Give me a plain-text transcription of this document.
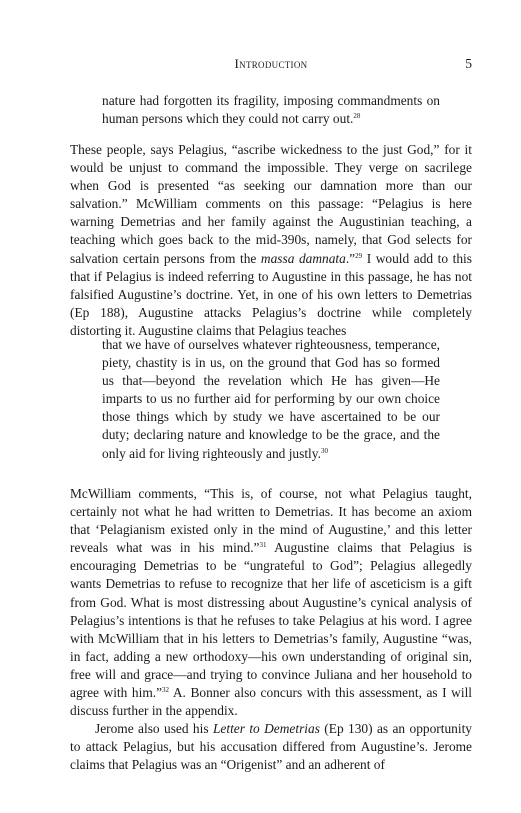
Introduction	5

nature had forgotten its fragility, imposing commandments on human persons which they could not carry out.$^{28}$

These people, says Pelagius, “ascribe wickedness to the just God,” for it would be unjust to command the impossible. They verge on sacrilege when God is presented “as seeking our damnation more than our salvation.” McWilliam comments on this passage: “Pelagius is here warning Demetrias and her family against the Augustinian teaching, a teaching which goes back to the mid-390s, namely, that God selects for salvation certain persons from the massa damnata.”$^{29}$ I would add to this that if Pelagius is indeed referring to Augustine in this passage, he has not falsified Augustine’s doctrine. Yet, in one of his own letters to Demetrias (Ep 188), Augustine attacks Pelagius’s doctrine while completely distorting it. Augustine claims that Pelagius teaches

that we have of ourselves whatever righteousness, temperance, piety, chastity is in us, on the ground that God has so formed us that—beyond the revelation which He has given—He imparts to us no further aid for performing by our own choice those things which by study we have ascertained to be our duty; declaring nature and knowledge to be the grace, and the only aid for living righteously and justly.$^{30}$

McWilliam comments, “This is, of course, not what Pelagius taught, certainly not what he had written to Demetrias. It has become an axiom that ‘Pelagianism existed only in the mind of Augustine,’ and this letter reveals what was in his mind.”$^{31}$ Augustine claims that Pelagius is encouraging Demetrias to be “ungrateful to God”; Pelagius allegedly wants Demetrias to refuse to recognize that her life of asceticism is a gift from God. What is most distressing about Augustine’s cynical analysis of Pelagius’s intentions is that he refuses to take Pelagius at his word. I agree with McWilliam that in his letters to Demetrias’s family, Augustine “was, in fact, adding a new orthodoxy—his own understanding of original sin, free will and grace—and trying to convince Juliana and her household to agree with him.”$^{32}$ A. Bonner also concurs with this assessment, as I will discuss further in the appendix.

Jerome also used his Letter to Demetrias (Ep 130) as an opportunity to attack Pelagius, but his accusation differed from Augustine’s. Jerome claims that Pelagius was an “Origenist” and an adherent of
